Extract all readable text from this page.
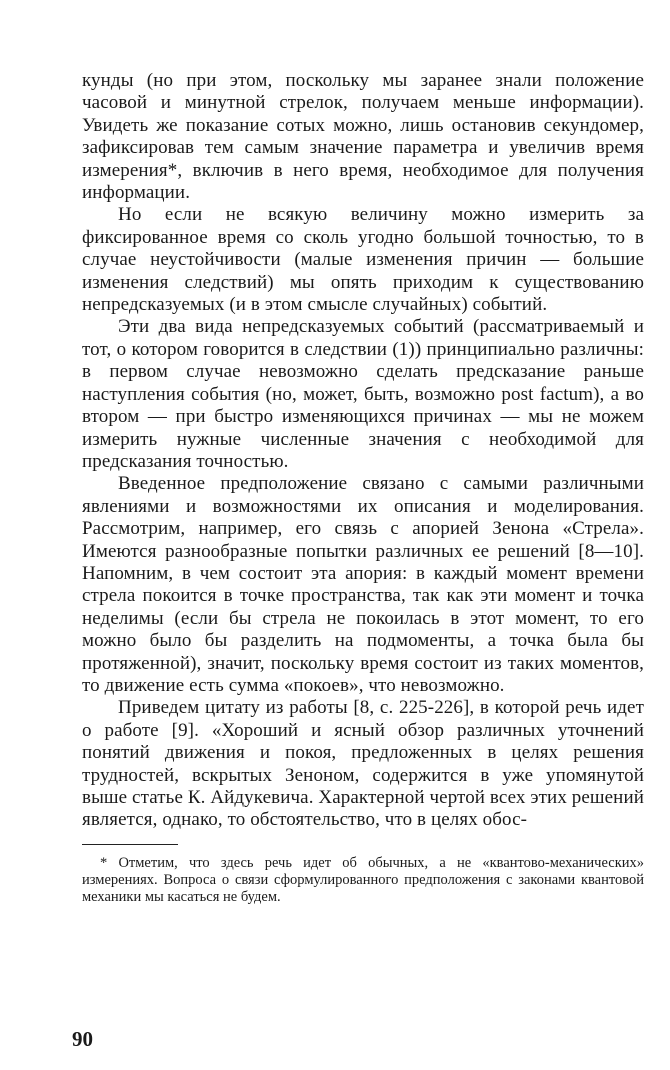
кунды (но при этом, поскольку мы заранее знали положение часовой и минутной стрелок, получаем меньше информации). Увидеть же показание сотых можно, лишь остановив секундомер, зафиксировав тем самым значение параметра и увеличив время измерения*, включив в него время, необходимое для получения информации.

Но если не всякую величину можно измерить за фиксированное время со сколь угодно большой точностью, то в случае неустойчивости (малые изменения причин — большие изменения следствий) мы опять приходим к существованию непредсказуемых (и в этом смысле случайных) событий.

Эти два вида непредсказуемых событий (рассматриваемый и тот, о котором говорится в следствии (1)) принципиально различны: в первом случае невозможно сделать предсказание раньше наступления события (но, может, быть, возможно post factum), а во втором — при быстро изменяющихся причинах — мы не можем измерить нужные численные значения с необходимой для предсказания точностью.

Введенное предположение связано с самыми различными явлениями и возможностями их описания и моделирования. Рассмотрим, например, его связь с апорией Зенона «Стрела». Имеются разнообразные попытки различных ее решений [8—10]. Напомним, в чем состоит эта апория: в каждый момент времени стрела покоится в точке пространства, так как эти момент и точка неделимы (если бы стрела не покоилась в этот момент, то его можно было бы разделить на подмоменты, а точка была бы протяженной), значит, поскольку время состоит из таких моментов, то движение есть сумма «покоев», что невозможно.

Приведем цитату из работы [8, с. 225-226], в которой речь идет о работе [9]. «Хороший и ясный обзор различных уточнений понятий движения и покоя, предложенных в целях решения трудностей, вскрытых Зеноном, содержится в уже упомянутой выше статье К. Айдукевича. Характерной чертой всех этих решений является, однако, то обстоятельство, что в целях обос-

* Отметим, что здесь речь идет об обычных, а не «квантово-механических» измерениях. Вопроса о связи сформулированного предположения с законами квантовой механики мы касаться не будем.

90
